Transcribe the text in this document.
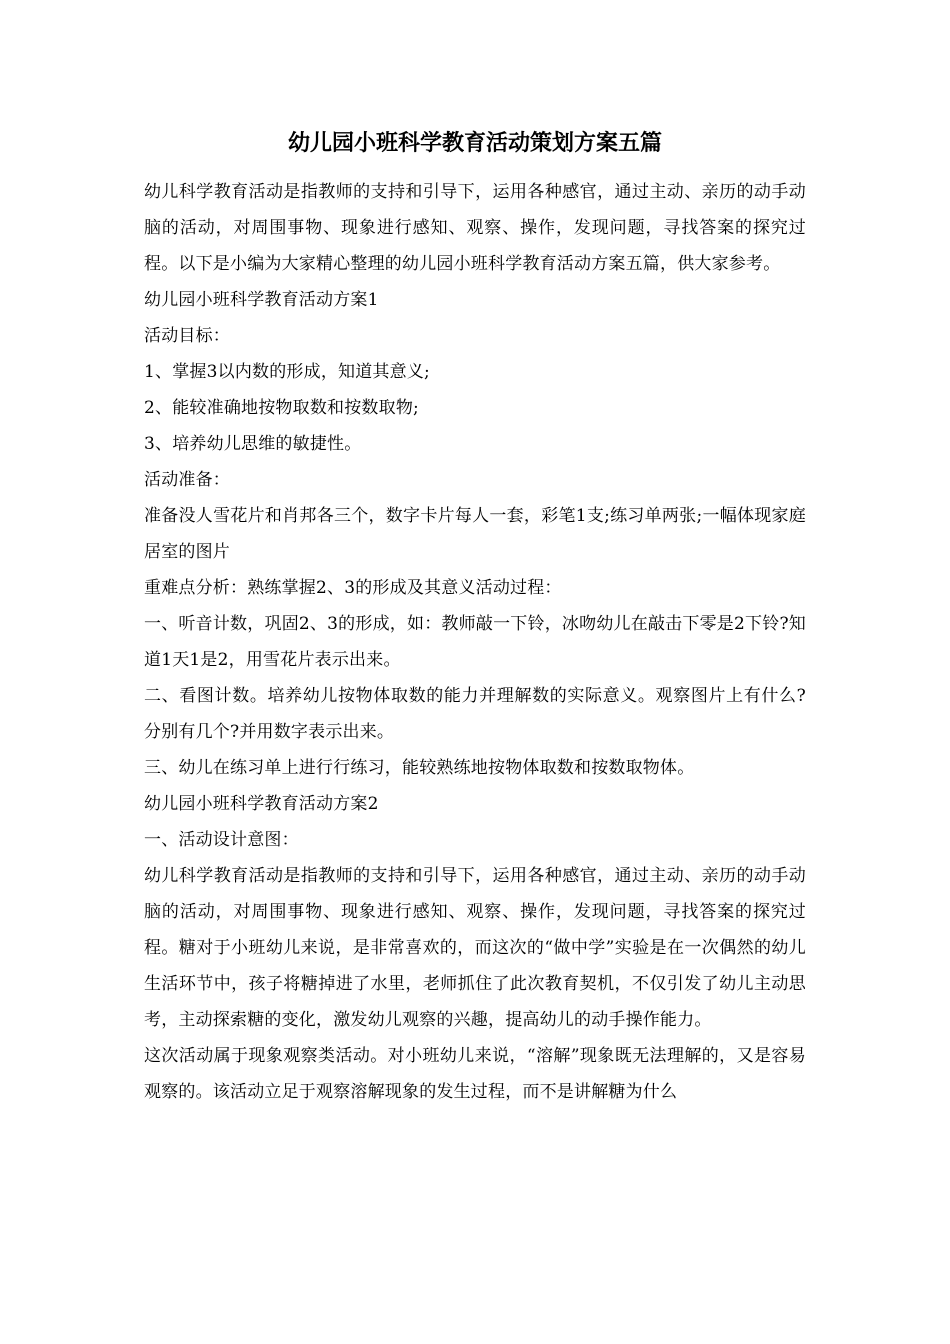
幼儿园小班科学教育活动策划方案五篇

幼儿科学教育活动是指教师的支持和引导下，运用各种感官，通过主动、亲历的动手动脑的活动，对周围事物、现象进行感知、观察、操作，发现问题，寻找答案的探究过程。以下是小编为大家精心整理的幼儿园小班科学教育活动方案五篇，供大家参考。

幼儿园小班科学教育活动方案1

活动目标：

1、掌握3以内数的形成，知道其意义;

2、能较准确地按物取数和按数取物;

3、培养幼儿思维的敏捷性。

活动准备：

准备没人雪花片和肖邦各三个，数字卡片每人一套，彩笔1支;练习单两张;一幅体现家庭居室的图片

重难点分析：熟练掌握2、3的形成及其意义活动过程：

一、听音计数，巩固2、3的形成，如：教师敲一下铃，冰吻幼儿在敲击下零是2下铃?知道1天1是2，用雪花片表示出来。

二、看图计数。培养幼儿按物体取数的能力并理解数的实际意义。观察图片上有什么?分别有几个?并用数字表示出来。

三、幼儿在练习单上进行行练习，能较熟练地按物体取数和按数取物体。

幼儿园小班科学教育活动方案2

一、活动设计意图：

幼儿科学教育活动是指教师的支持和引导下，运用各种感官，通过主动、亲历的动手动脑的活动，对周围事物、现象进行感知、观察、操作，发现问题，寻找答案的探究过程。糖对于小班幼儿来说，是非常喜欢的，而这次的“做中学”实验是在一次偶然的幼儿生活环节中，孩子将糖掉进了水里，老师抓住了此次教育契机，不仅引发了幼儿主动思考，主动探索糖的变化，激发幼儿观察的兴趣，提高幼儿的动手操作能力。

这次活动属于现象观察类活动。对小班幼儿来说，“溶解”现象既无法理解的，又是容易观察的。该活动立足于观察溶解现象的发生过程，而不是讲解糖为什么
